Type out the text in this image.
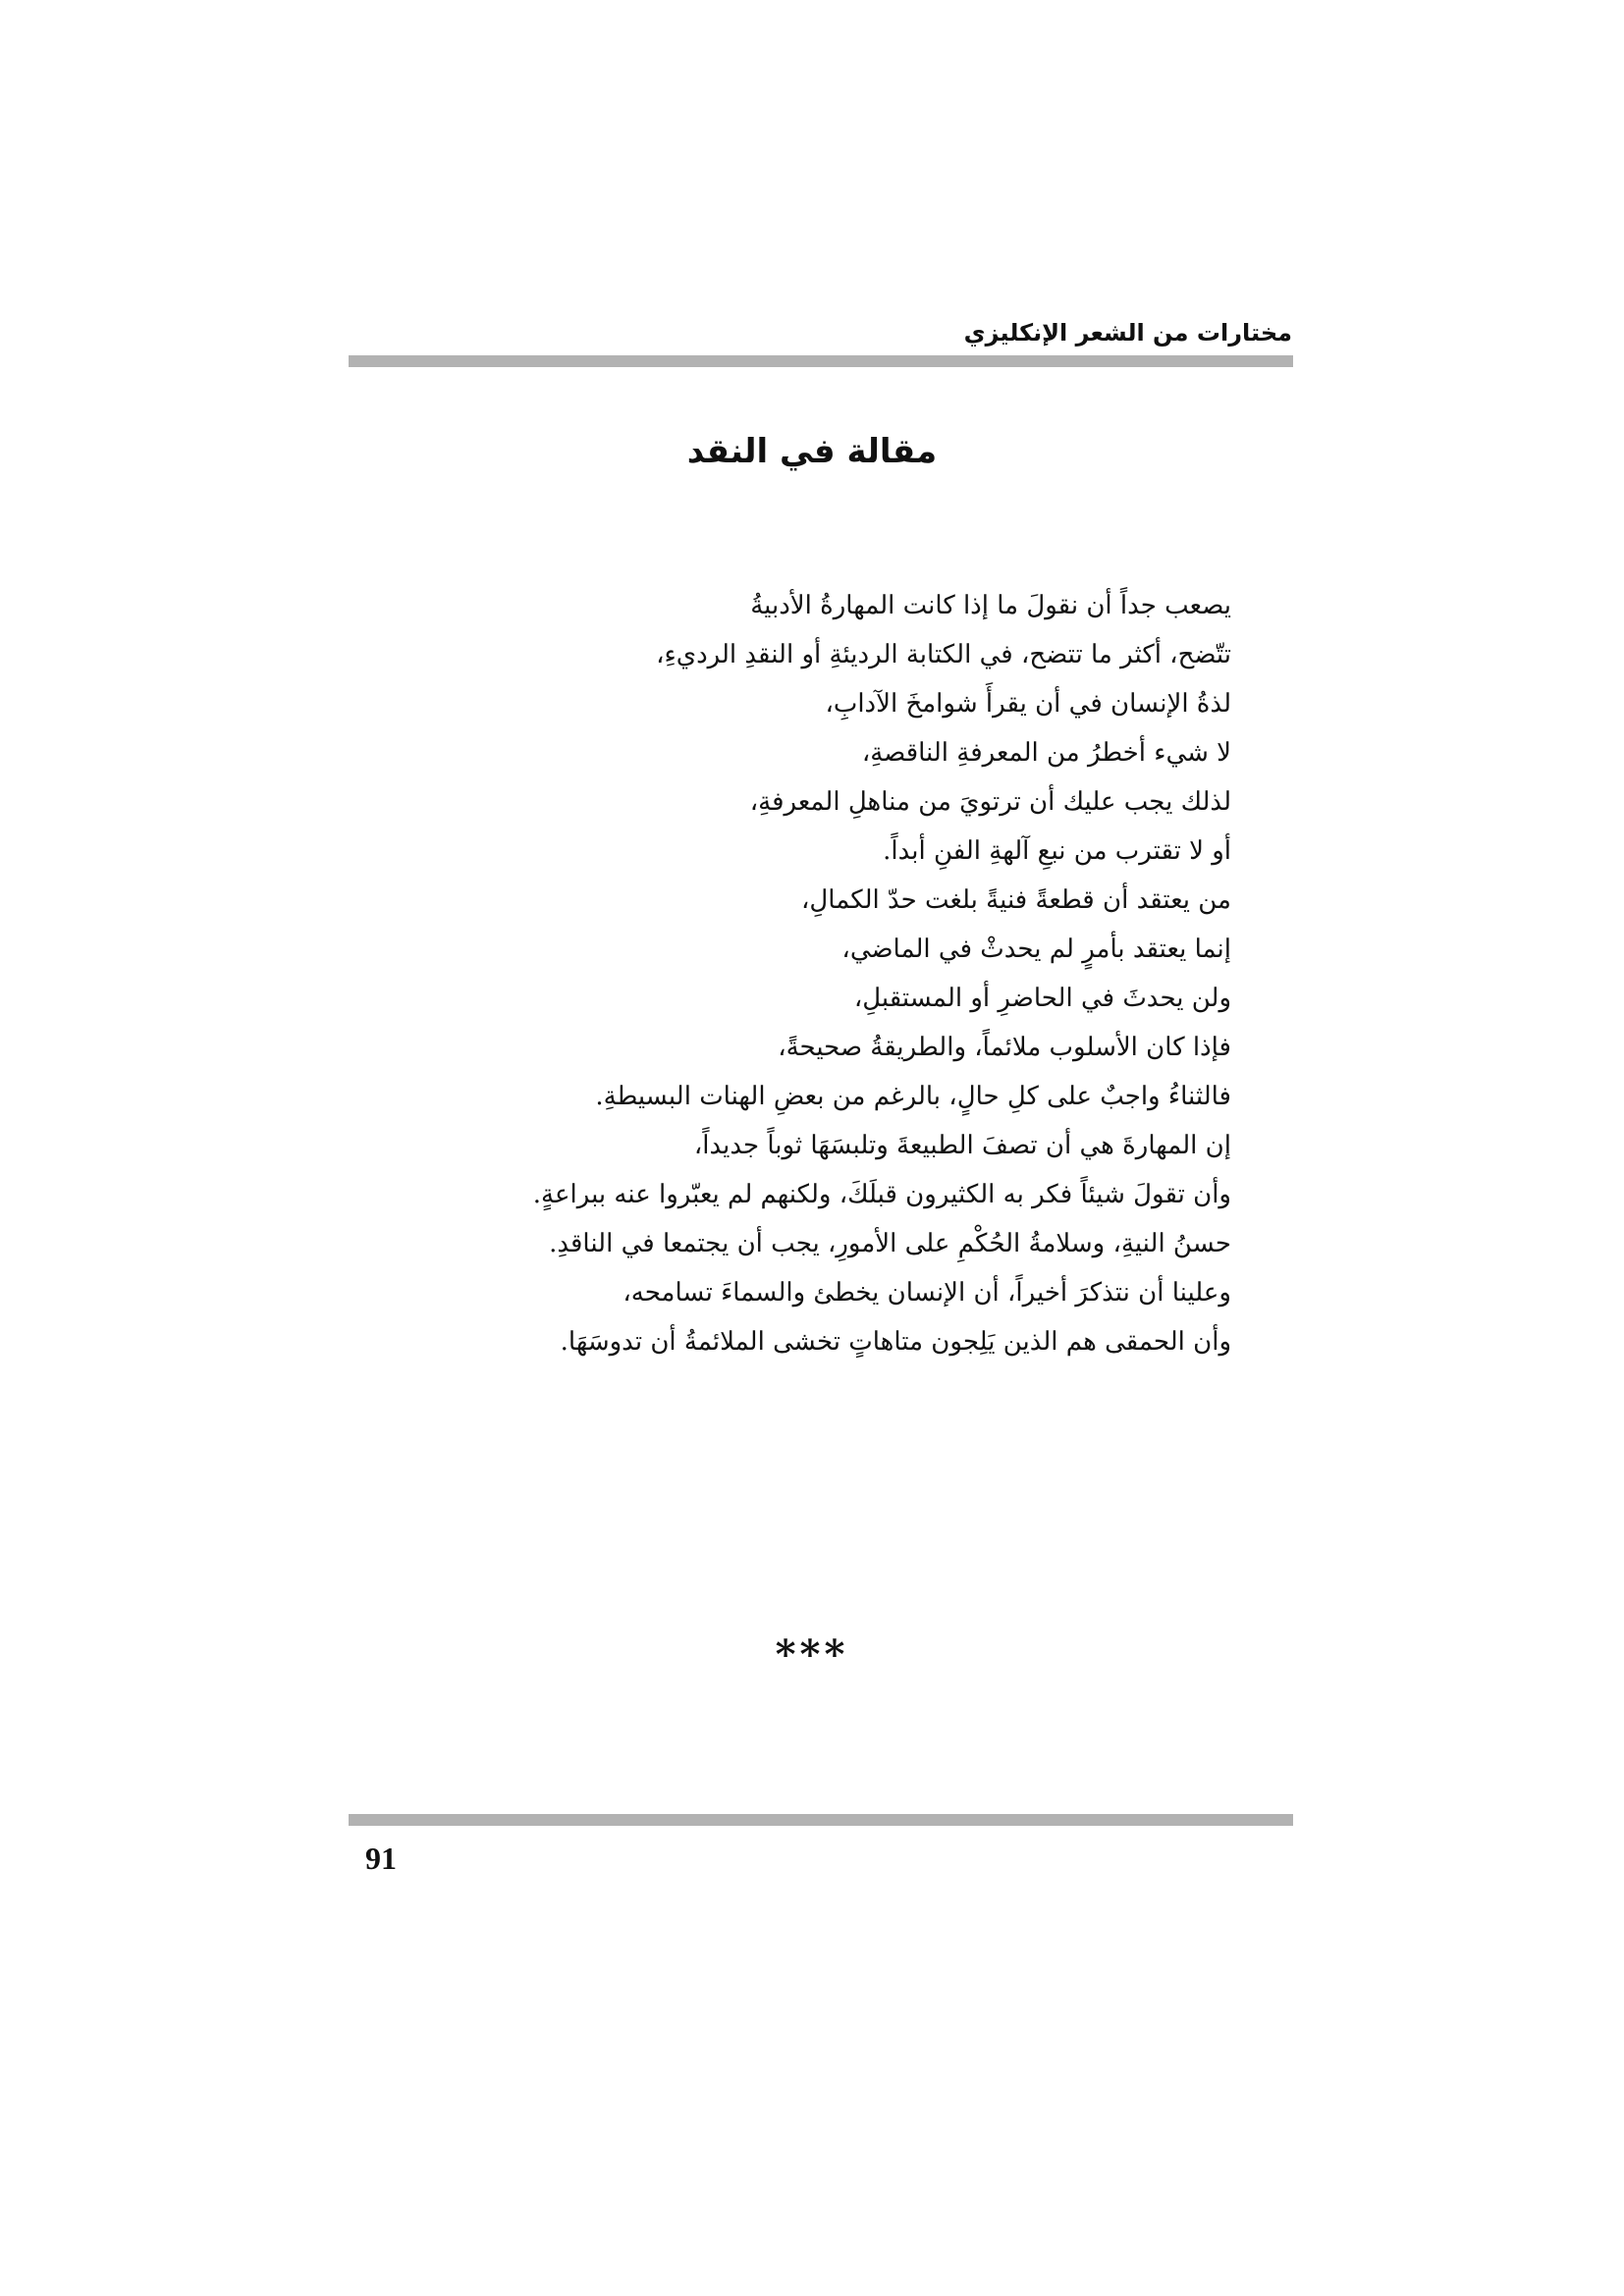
مختارات من الشعر الإنكليزي
مقالة في النقد
يصعب جداً أن نقولَ ما إذا كانت المهارةُ الأدبيةُ
تتّضح، أكثر ما تتضح، في الكتابة الرديئةِ أو النقدِ الرديءِ،
لذةُ الإنسان في أن يقرأَ شوامخَ الآدابِ،
لا شيء أخطرُ من المعرفةِ الناقصةِ،
لذلك يجب عليك أن ترتويَ من مناهلِ المعرفةِ،
أو لا تقترب من نبعِ آلهةِ الفنِ أبداً.
من يعتقد أن قطعةً فنيةً بلغت حدّ الكمالِ،
إنما يعتقد بأمرٍ لم يحدثْ في الماضي،
ولن يحدثَ في الحاضرِ أو المستقبلِ،
فإذا كان الأسلوب ملائماً، والطريقةُ صحيحةً،
فالثناءُ واجبٌ على كلِ حالٍ، بالرغم من بعضِ الهنات البسيطةِ.
إن المهارةَ هي أن تصفَ الطبيعةَ وتلبسَهَا ثوباً جديداً،
وأن تقولَ شيئاً فكر به الكثيرون قبلَكَ، ولكنهم لم يعبّروا عنه ببراعةٍ.
حسنُ النيةِ، وسلامةُ الحُكْمِ على الأمورِ، يجب أن يجتمعا في الناقدِ.
وعلينا أن نتذكرَ أخيراً، أن الإنسان يخطئ والسماءَ تسامحه،
وأن الحمقى هم الذين يَلِجون متاهاتٍ تخشى الملائمةُ أن تدوسَهَا.
***
91
